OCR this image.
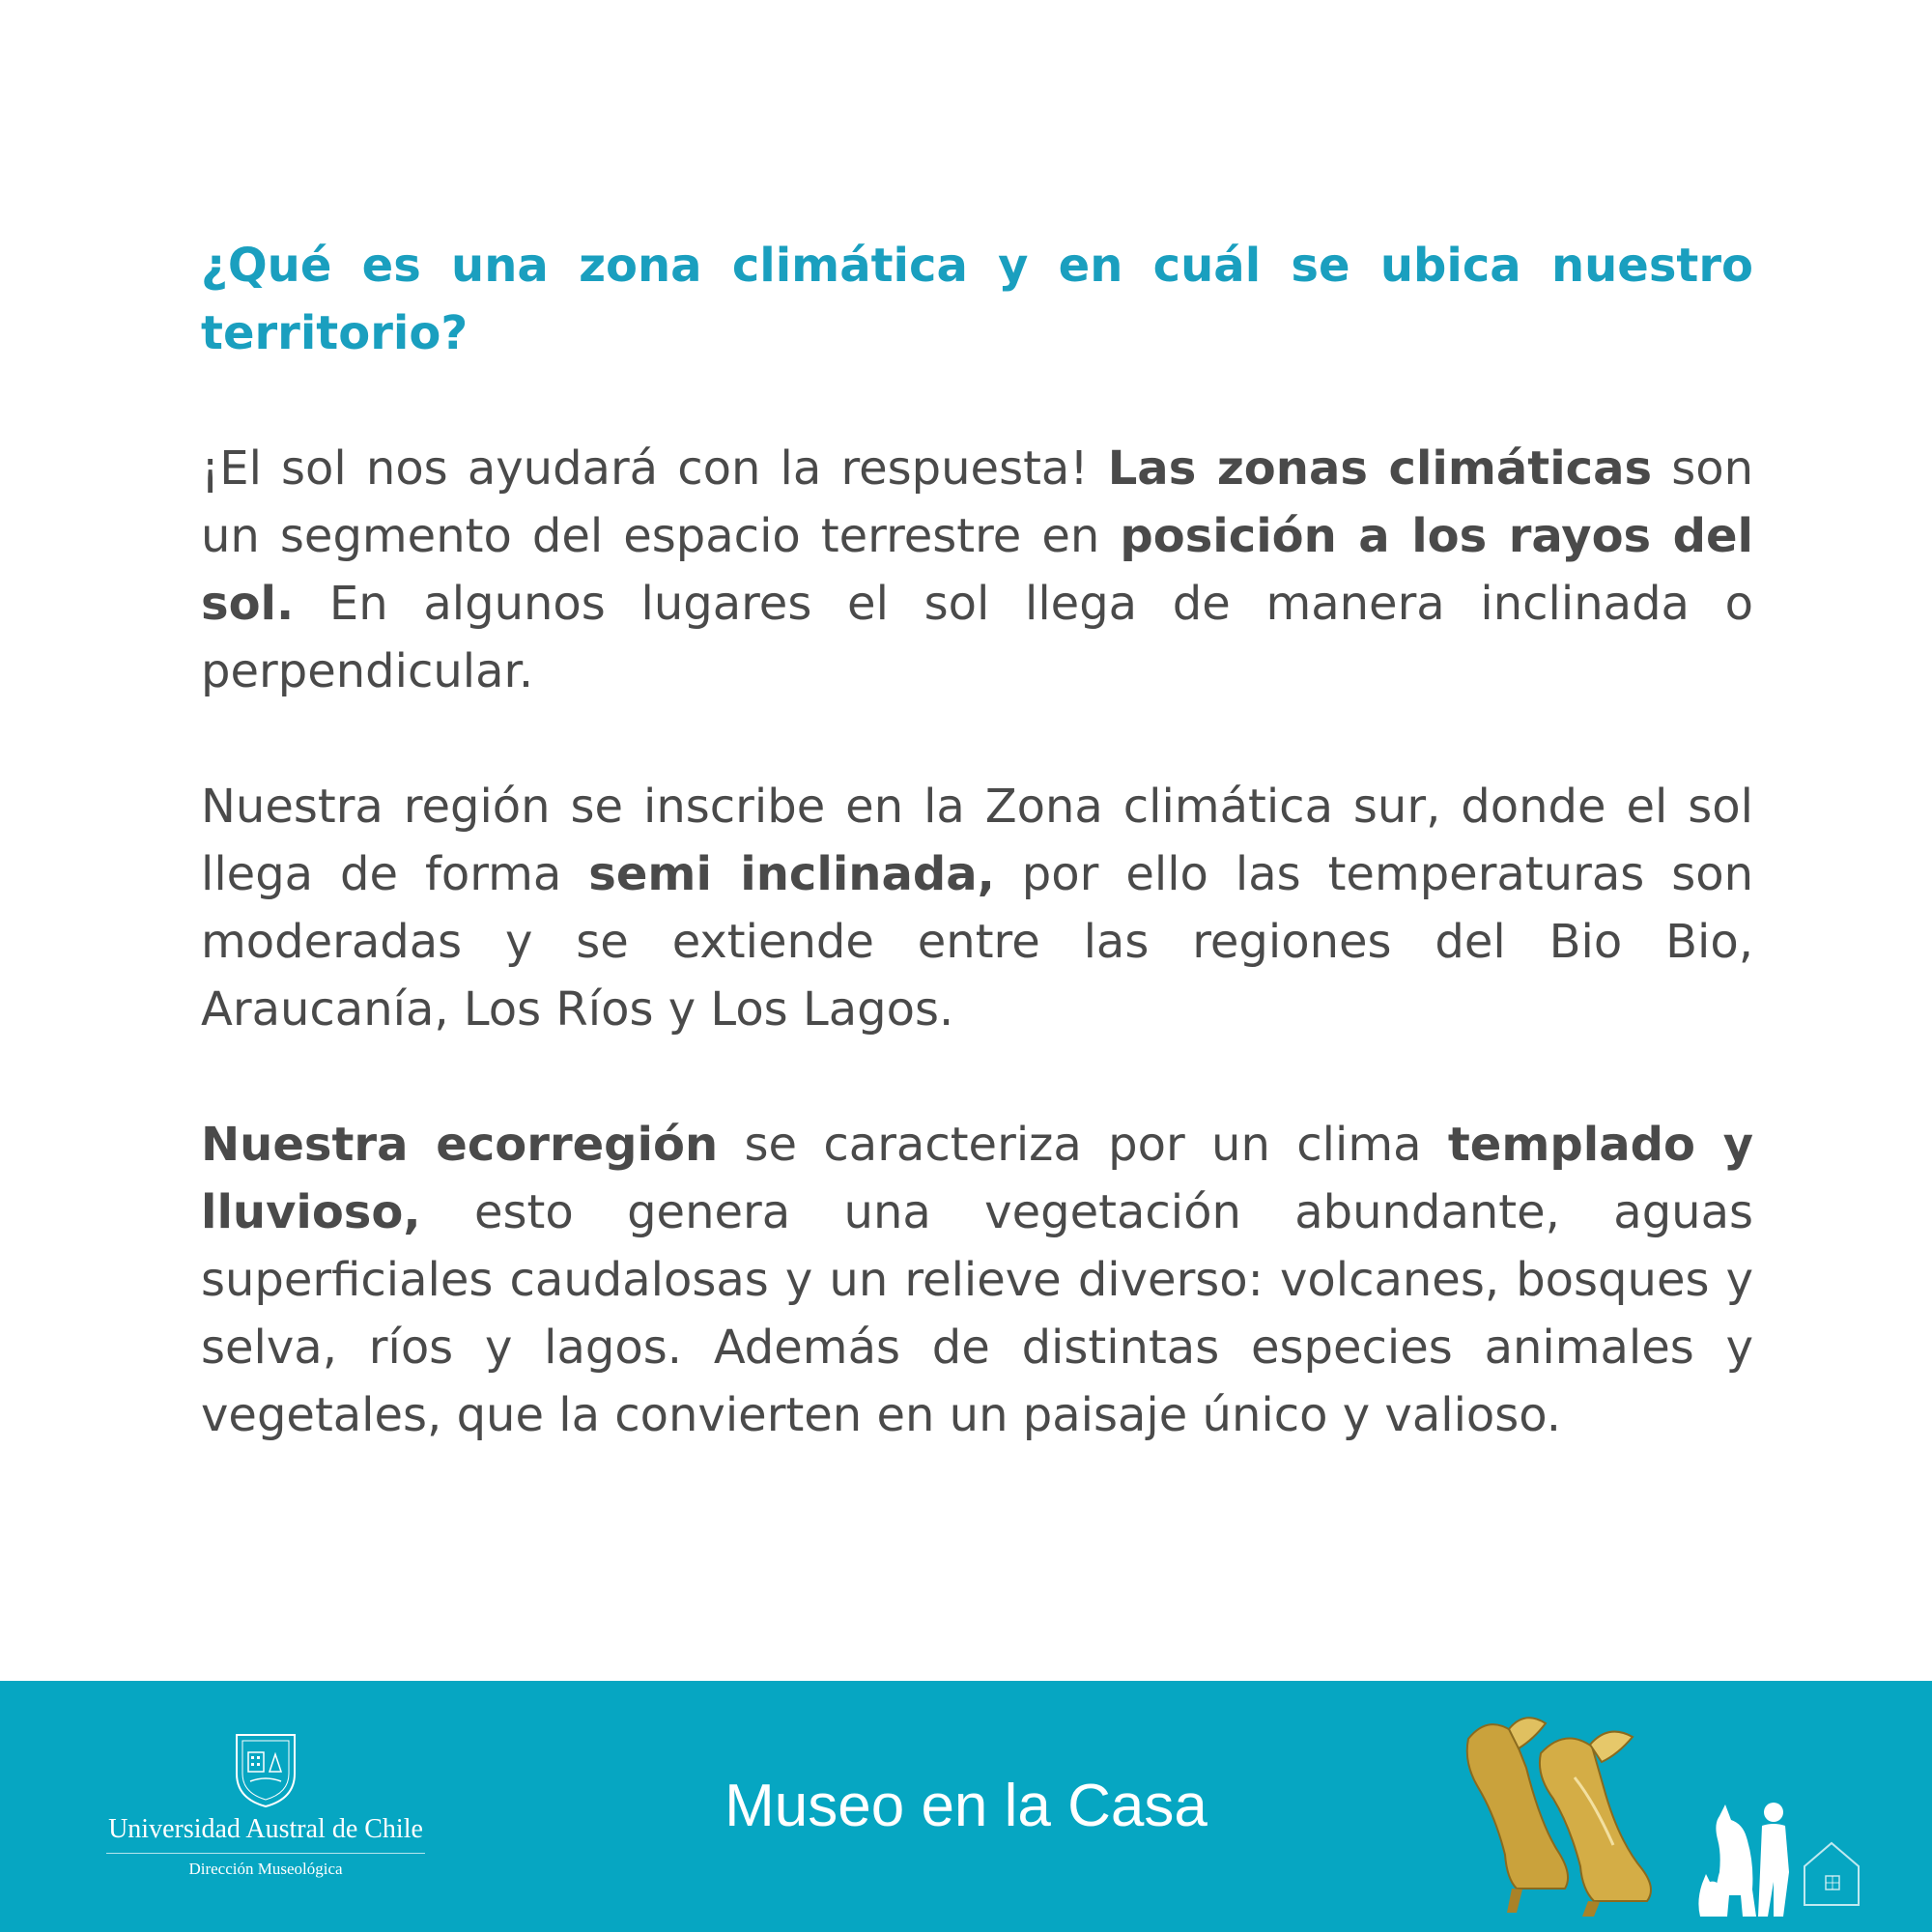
¿Qué es una zona climática y en cuál se ubica nuestro territorio?

¡El sol nos ayudará con la respuesta! Las zonas climáticas son un segmento del espacio terrestre en posición a los rayos del sol. En algunos lugares el sol llega de manera inclinada o perpendicular.

Nuestra región se inscribe en la Zona climática sur, donde el sol llega de forma semi inclinada, por ello las temperaturas son moderadas y se extiende entre las regiones del Bio Bio, Araucanía, Los Ríos y Los Lagos.

Nuestra ecorregión se caracteriza por un clima templado y lluvioso, esto genera una vegetación abundante, aguas superficiales caudalosas y un relieve diverso: volcanes, bosques y selva, ríos y lagos. Además de distintas especies animales y vegetales, que la convierten en un paisaje único y valioso.

Universidad Austral de Chile
Dirección Museológica
Museo en la Casa
